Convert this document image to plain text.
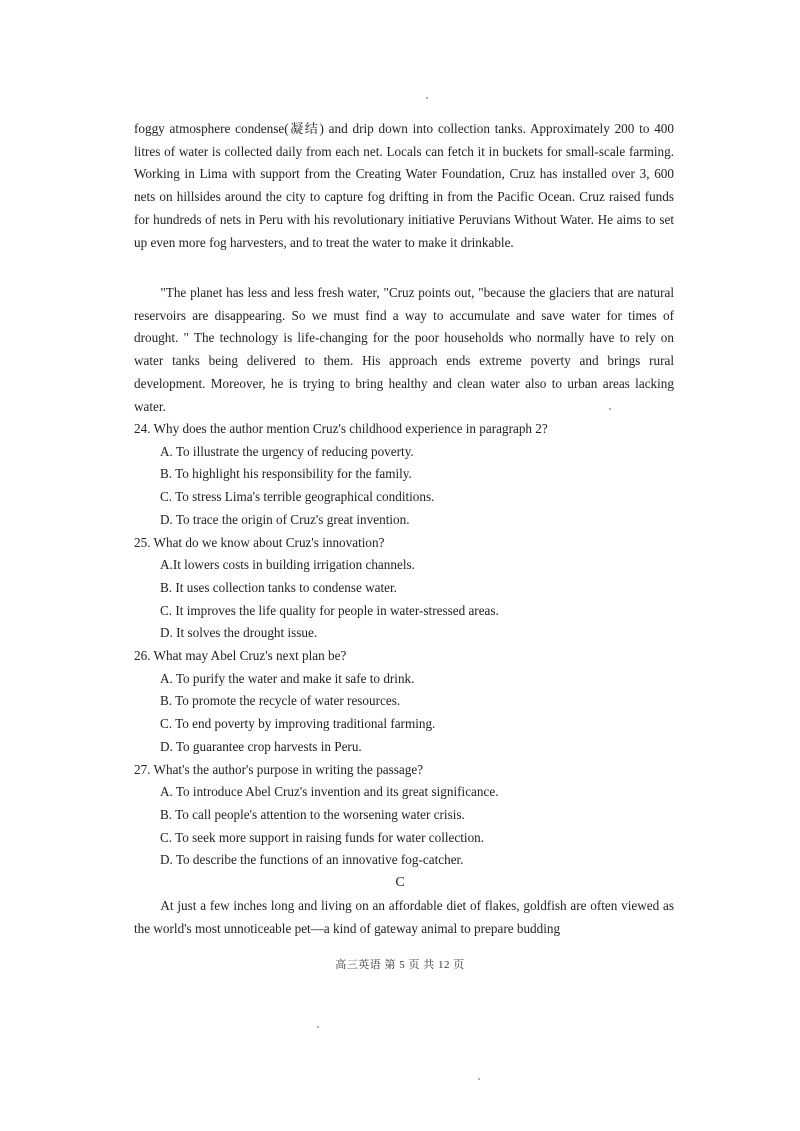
foggy atmosphere condense(凝结) and drip down into collection tanks. Approximately 200 to 400 litres of water is collected daily from each net. Locals can fetch it in buckets for small-scale farming. Working in Lima with support from the Creating Water Foundation, Cruz has installed over 3, 600 nets on hillsides around the city to capture fog drifting in from the Pacific Ocean. Cruz raised funds for hundreds of nets in Peru with his revolutionary initiative Peruvians Without Water. He aims to set up even more fog harvesters, and to treat the water to make it drinkable.

"The planet has less and less fresh water, "Cruz points out, "because the glaciers that are natural reservoirs are disappearing. So we must find a way to accumulate and save water for times of drought. " The technology is life-changing for the poor households who normally have to rely on water tanks being delivered to them. His approach ends extreme poverty and brings rural development. Moreover, he is trying to bring healthy and clean water also to urban areas lacking water.

24. Why does the author mention Cruz's childhood experience in paragraph 2?

A. To illustrate the urgency of reducing poverty.

B. To highlight his responsibility for the family.

C. To stress Lima's terrible geographical conditions.

D. To trace the origin of Cruz's great invention.

25. What do we know about Cruz's innovation?

A.It lowers costs in building irrigation channels.

B. It uses collection tanks to condense water.

C. It improves the life quality for people in water-stressed areas.

D. It solves the drought issue.

26. What may Abel Cruz's next plan be?

A. To purify the water and make it safe to drink.

B. To promote the recycle of water resources.

C. To end poverty by improving traditional farming.

D. To guarantee crop harvests in Peru.

27. What's the author's purpose in writing the passage?

A. To introduce Abel Cruz's invention and its great significance.

B. To call people's attention to the worsening water crisis.

C. To seek more support in raising funds for water collection.

D. To describe the functions of an innovative fog-catcher.

C

At just a few inches long and living on an affordable diet of flakes, goldfish are often viewed as the world's most unnoticeable pet—a kind of gateway animal to prepare budding

高三英语 第 5 页 共 12 页
